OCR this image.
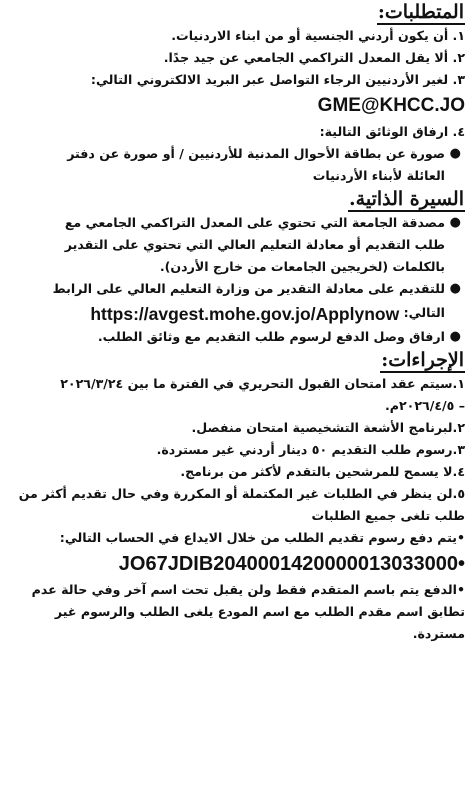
المتطلبات:
١. أن يكون أردني الجنسية أو من ابناء الاردنيات.
٢. ألا يقل المعدل التراكمي الجامعي عن جيد جدًا.
٣. لغير الأردنيين الرجاء التواصل عبر البريد الالكتروني التالي:
GME@KHCC.JO
٤. ارفاق الوثائق التالية:
●
صورة عن بطاقة الأحوال المدنية للأردنيين / أو صورة عن دفتر
العائلة لأبناء الأردنيات
السيرة الذاتية.
●
مصدقة الجامعة التي تحتوي على المعدل التراكمي الجامعي مع
طلب التقديم أو معادلة التعليم العالي التي تحتوي على التقدير
بالكلمات (لخريجين الجامعات من خارج الأردن).
●
للتقديم على معادلة التقدير من وزارة التعليم العالي على الرابط
التالي: https://avgest.mohe.gov.jo/Applynow
●
ارفاق وصل الدفع لرسوم طلب التقديم مع وثائق الطلب.
الإجراءات:
١.سيتم عقد امتحان القبول التحريري في الفترة ما بين ٢٠٢٦/٣/٢٤
– ٢٠٢٦/٤/٥م.
٢.لبرنامج الأشعة التشخيصية امتحان منفصل.
٣.رسوم طلب التقديم ٥٠ دينار أردني غير مستردة.
٤.لا يسمح للمرشحين بالتقدم لأكثر من برنامج.
٥.لن ينظر في الطلبات غير المكتملة أو المكررة وفي حال تقديم أكثر من
طلب تلغى جميع الطلبات
•يتم دفع رسوم تقديم الطلب من خلال الايداع في الحساب التالي:
JO67JDIB2040001420000013033000•
•الدفع يتم باسم المتقدم فقط ولن يقبل تحت اسم آخر وفي حالة عدم
تطابق اسم مقدم الطلب مع اسم المودع يلغى الطلب والرسوم غير
مستردة.
